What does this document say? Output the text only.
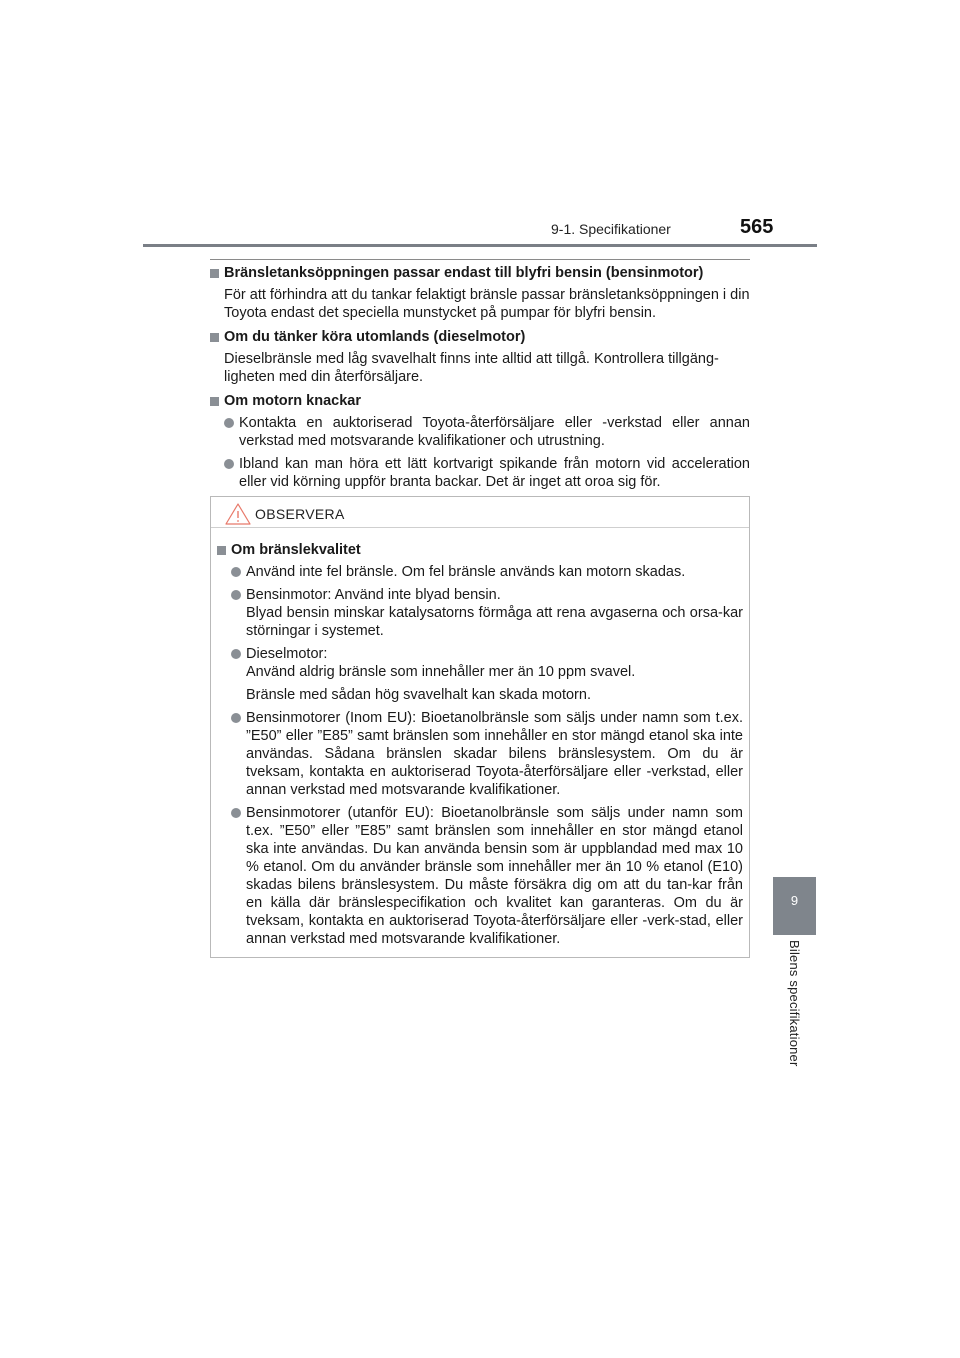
9-1. Specifikationer	565
9
Bilens specifikationer
Bränsletanksöppningen passar endast till blyfri bensin (bensinmotor)
För att förhindra att du tankar felaktigt bränsle passar bränsletanksöppningen i din Toyota endast det speciella munstycket på pumpar för blyfri bensin.
Om du tänker köra utomlands (dieselmotor)
Dieselbränsle med låg svavelhalt finns inte alltid att tillgå. Kontrollera tillgäng-ligheten med din återförsäljare.
Om motorn knackar
Kontakta en auktoriserad Toyota-återförsäljare eller -verkstad eller annan verkstad med motsvarande kvalifikationer och utrustning.
Ibland kan man höra ett lätt kortvarigt spikande från motorn vid acceleration eller vid körning uppför branta backar. Det är inget att oroa sig för.
OBSERVERA
Om bränslekvalitet
Använd inte fel bränsle. Om fel bränsle används kan motorn skadas.
Bensinmotor: Använd inte blyad bensin.
Blyad bensin minskar katalysatorns förmåga att rena avgaserna och orsa-kar störningar i systemet.
Dieselmotor:
Använd aldrig bränsle som innehåller mer än 10 ppm svavel.
Bränsle med sådan hög svavelhalt kan skada motorn.
Bensinmotorer (Inom EU): Bioetanolbränsle som säljs under namn som t.ex. ”E50” eller ”E85” samt bränslen som innehåller en stor mängd etanol ska inte användas. Sådana bränslen skadar bilens bränslesystem. Om du är tveksam, kontakta en auktoriserad Toyota-återförsäljare eller -verkstad, eller annan verkstad med motsvarande kvalifikationer.
Bensinmotorer (utanför EU): Bioetanolbränsle som säljs under namn som t.ex. ”E50” eller ”E85” samt bränslen som innehåller en stor mängd etanol ska inte användas. Du kan använda bensin som är uppblandad med max 10 % etanol. Om du använder bränsle som innehåller mer än 10 % etanol (E10) skadas bilens bränslesystem. Du måste försäkra dig om att du tan-kar från en källa där bränslespecifikation och kvalitet kan garanteras. Om du är tveksam, kontakta en auktoriserad Toyota-återförsäljare eller -verk-stad, eller annan verkstad med motsvarande kvalifikationer.
